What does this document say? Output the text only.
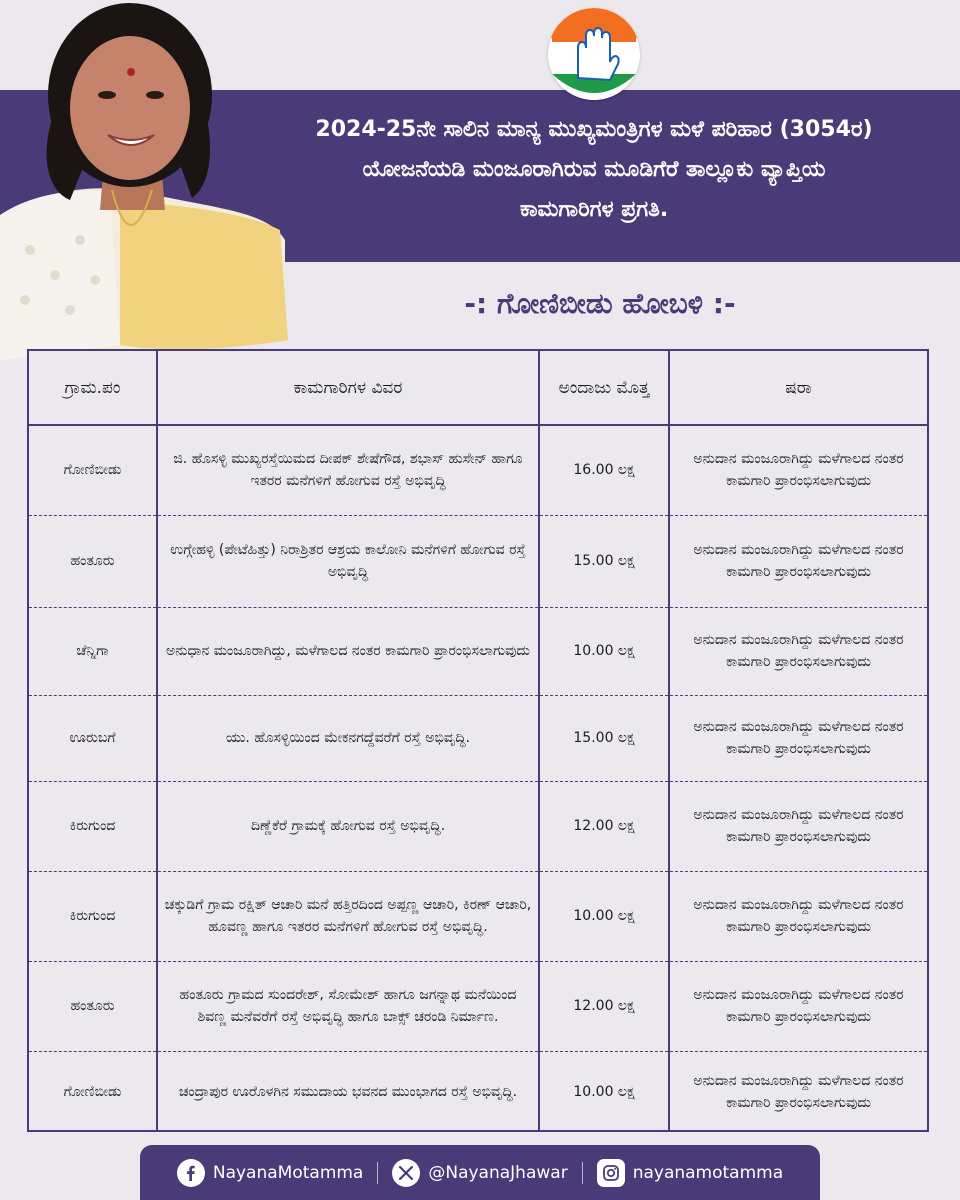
2024-25ನೇ ಸಾಲಿನ ಮಾನ್ಯ ಮುಖ್ಯಮಂತ್ರಿಗಳ ಮಳೆ ಪರಿಹಾರ (3054ರ)
ಯೋಜನೆಯಡಿ ಮಂಜೂರಾಗಿರುವ ಮೂಡಿಗೆರೆ ತಾಲ್ಲೂಕು ವ್ಯಾಪ್ತಿಯ
ಕಾಮಗಾರಿಗಳ ಪ್ರಗತಿ.
-: ಗೋಣಿಬೀಡು ಹೋಬಳಿ :-
ಗ್ರಾಮ.ಪಂ	ಕಾಮಗಾರಿಗಳ ವಿವರ	ಅಂದಾಜು ಮೊತ್ತ	ಷರಾ
ಗೋಣಿಬೀಡು	ಜಿ. ಹೊಸಳ್ಳಿ ಮುಖ್ಯರಸ್ತೆಯಿಮದ ದೀಪಕ್ ಶೇಷೆಗೌಡ, ಶಭಾಸ್ ಹುಸೇನ್ ಹಾಗೂ ಇತರರ ಮನೆಗಳಿಗೆ ಹೋಗುವ ರಸ್ತೆ ಅಭಿವೃದ್ಧಿ	16.00 ಲಕ್ಷ	ಅನುದಾನ ಮಂಜೂರಾಗಿದ್ದು ಮಳೆಗಾಲದ ನಂತರ ಕಾಮಗಾರಿ ಪ್ರಾರಂಭಿಸಲಾಗುವುದು
ಹಂತೂರು	ಉಗ್ಗೇಹಳ್ಳಿ (ಪೇಟೆಹಿತ್ತು) ನಿರಾಶ್ರಿತರ ಆಶ್ರಯ ಕಾಲೋನಿ ಮನೆಗಳಿಗೆ ಹೋಗುವ ರಸ್ತೆ ಅಭಿವೃದ್ಧಿ	15.00 ಲಕ್ಷ	ಅನುದಾನ ಮಂಜೂರಾಗಿದ್ದು ಮಳೆಗಾಲದ ನಂತರ ಕಾಮಗಾರಿ ಪ್ರಾರಂಭಿಸಲಾಗುವುದು
ಚೆನ್ನಿಗಾ	ಅನುಧಾನ ಮಂಜೂರಾಗಿದ್ದು, ಮಳೆಗಾಲದ ನಂತರ ಕಾಮಗಾರಿ ಪ್ರಾರಂಭಿಸಲಾಗುವುದು	10.00 ಲಕ್ಷ	ಅನುದಾನ ಮಂಜೂರಾಗಿದ್ದು ಮಳೆಗಾಲದ ನಂತರ ಕಾಮಗಾರಿ ಪ್ರಾರಂಭಿಸಲಾಗುವುದು
ಊರುಬಗೆ	ಯು. ಹೊಸಳ್ಳಿಯಿಂದ ಮೇಕನಗದ್ದೆವರೆಗೆ ರಸ್ತೆ ಅಭಿವೃದ್ಧಿ.	15.00 ಲಕ್ಷ	ಅನುದಾನ ಮಂಜೂರಾಗಿದ್ದು ಮಳೆಗಾಲದ ನಂತರ ಕಾಮಗಾರಿ ಪ್ರಾರಂಭಿಸಲಾಗುವುದು
ಕಿರುಗುಂದ	ದಿಣ್ಣೆಕೆರೆ ಗ್ರಾಮಕ್ಕೆ ಹೋಗುವ ರಸ್ತೆ ಅಭಿವೃದ್ಧಿ.	12.00 ಲಕ್ಷ	ಅನುದಾನ ಮಂಜೂರಾಗಿದ್ದು ಮಳೆಗಾಲದ ನಂತರ ಕಾಮಗಾರಿ ಪ್ರಾರಂಭಿಸಲಾಗುವುದು
ಕಿರುಗುಂದ	ಚಕ್ಕುಡಿಗೆ ಗ್ರಾಮ ರಕ್ಷಿತ್ ಆಚಾರಿ ಮನೆ ಹತ್ತಿರದಿಂದ ಅಪ್ಪಣ್ಣ ಆಚಾರಿ, ಕಿರಣ್ ಆಚಾರಿ, ಹೂವಣ್ಣ ಹಾಗೂ ಇತರರ ಮನೆಗಳಿಗೆ ಹೋಗುವ ರಸ್ತೆ ಅಭಿವೃದ್ಧಿ.	10.00 ಲಕ್ಷ	ಅನುದಾನ ಮಂಜೂರಾಗಿದ್ದು ಮಳೆಗಾಲದ ನಂತರ ಕಾಮಗಾರಿ ಪ್ರಾರಂಭಿಸಲಾಗುವುದು
ಹಂತೂರು	ಹಂತೂರು ಗ್ರಾಮದ ಸುಂದರೇಶ್, ಸೋಮೇಶ್ ಹಾಗೂ ಜಗನ್ನಾಥ ಮನೆಯಿಂದ ಶಿವಣ್ಣ ಮನೆವರೆಗೆ ರಸ್ತೆ ಅಭಿವೃದ್ಧಿ ಹಾಗೂ ಬಾಕ್ಸ್ ಚರಂಡಿ ನಿರ್ಮಾಣ.	12.00 ಲಕ್ಷ	ಅನುದಾನ ಮಂಜೂರಾಗಿದ್ದು ಮಳೆಗಾಲದ ನಂತರ ಕಾಮಗಾರಿ ಪ್ರಾರಂಭಿಸಲಾಗುವುದು
ಗೋಣಿಬೀಡು	ಚಂದ್ರಾಪುರ ಊರೊಳಗಿನ ಸಮುದಾಯ ಭವನದ ಮುಂಭಾಗದ ರಸ್ತೆ ಅಭಿವೃದ್ಧಿ.	10.00 ಲಕ್ಷ	ಅನುದಾನ ಮಂಜೂರಾಗಿದ್ದು ಮಳೆಗಾಲದ ನಂತರ ಕಾಮಗಾರಿ ಪ್ರಾರಂಭಿಸಲಾಗುವುದು
NayanaMotamma	@NayanaJhawar	nayanamotamma
